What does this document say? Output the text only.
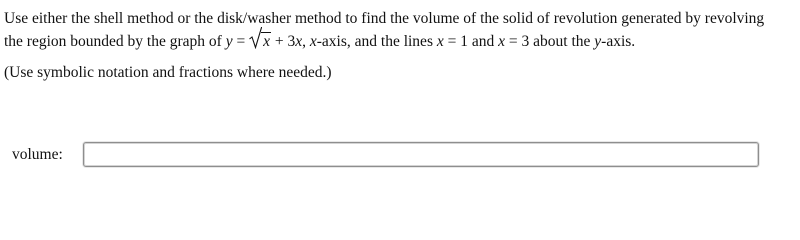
Use either the shell method or the disk/washer method to find the volume of the solid of revolution generated by revolving

the region bounded by the graph of y =
x + 3x, x-axis, and the lines x = 1 and x = 3 about the y-axis.

(Use symbolic notation and fractions where needed.)

volume:
